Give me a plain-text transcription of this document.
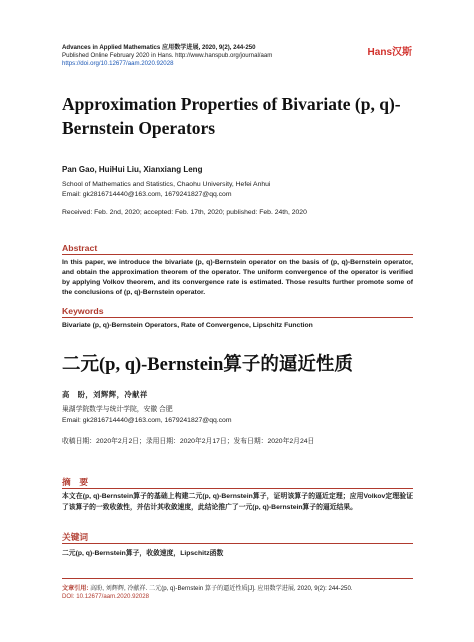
Advances in Applied Mathematics 应用数学进展, 2020, 9(2), 244-250
Published Online February 2020 in Hans. http://www.hanspub.org/journal/aam
https://doi.org/10.12677/aam.2020.92028
Hans汉斯
Approximation Properties of Bivariate (p, q)-Bernstein Operators
Pan Gao, HuiHui Liu, Xianxiang Leng
School of Mathematics and Statistics, Chaohu University, Hefei Anhui
Email: gk2816714440@163.com, 1679241827@qq.com
Received: Feb. 2nd, 2020; accepted: Feb. 17th, 2020; published: Feb. 24th, 2020
Abstract
In this paper, we introduce the bivariate (p, q)-Bernstein operator on the basis of (p, q)-Bernstein operator, and obtain the approximation theorem of the operator. The uniform convergence of the operator is verified by applying Volkov theorem, and its convergence rate is estimated. Those results further promote some of the conclusions of (p, q)-Bernstein operator.
Keywords
Bivariate (p, q)-Bernstein Operators, Rate of Convergence, Lipschitz Function
二元(p, q)-Bernstein算子的逼近性质
高　盼，刘辉辉，冷献祥
巢湖学院数学与统计学院，安徽 合肥
Email: gk2816714440@163.com, 1679241827@qq.com
收稿日期：2020年2月2日；录用日期：2020年2月17日；发布日期：2020年2月24日
摘　要
本文在(p, q)-Bernstein算子的基础上构建二元(p, q)-Bernstein算子，证明该算子的逼近定理；应用Volkov定理验证了该算子的一致收敛性，并估计其收敛速度，此结论推广了一元(p, q)-Bernstein算子的逼近结果。
关键词
二元(p, q)-Bernstein算子，收敛速度，Lipschitz函数
文章引用: 高盼, 刘辉辉, 冷献祥. 二元(p, q)-Bernstein 算子的逼近性质[J]. 应用数学进展, 2020, 9(2): 244-250.
DOI: 10.12677/aam.2020.92028
